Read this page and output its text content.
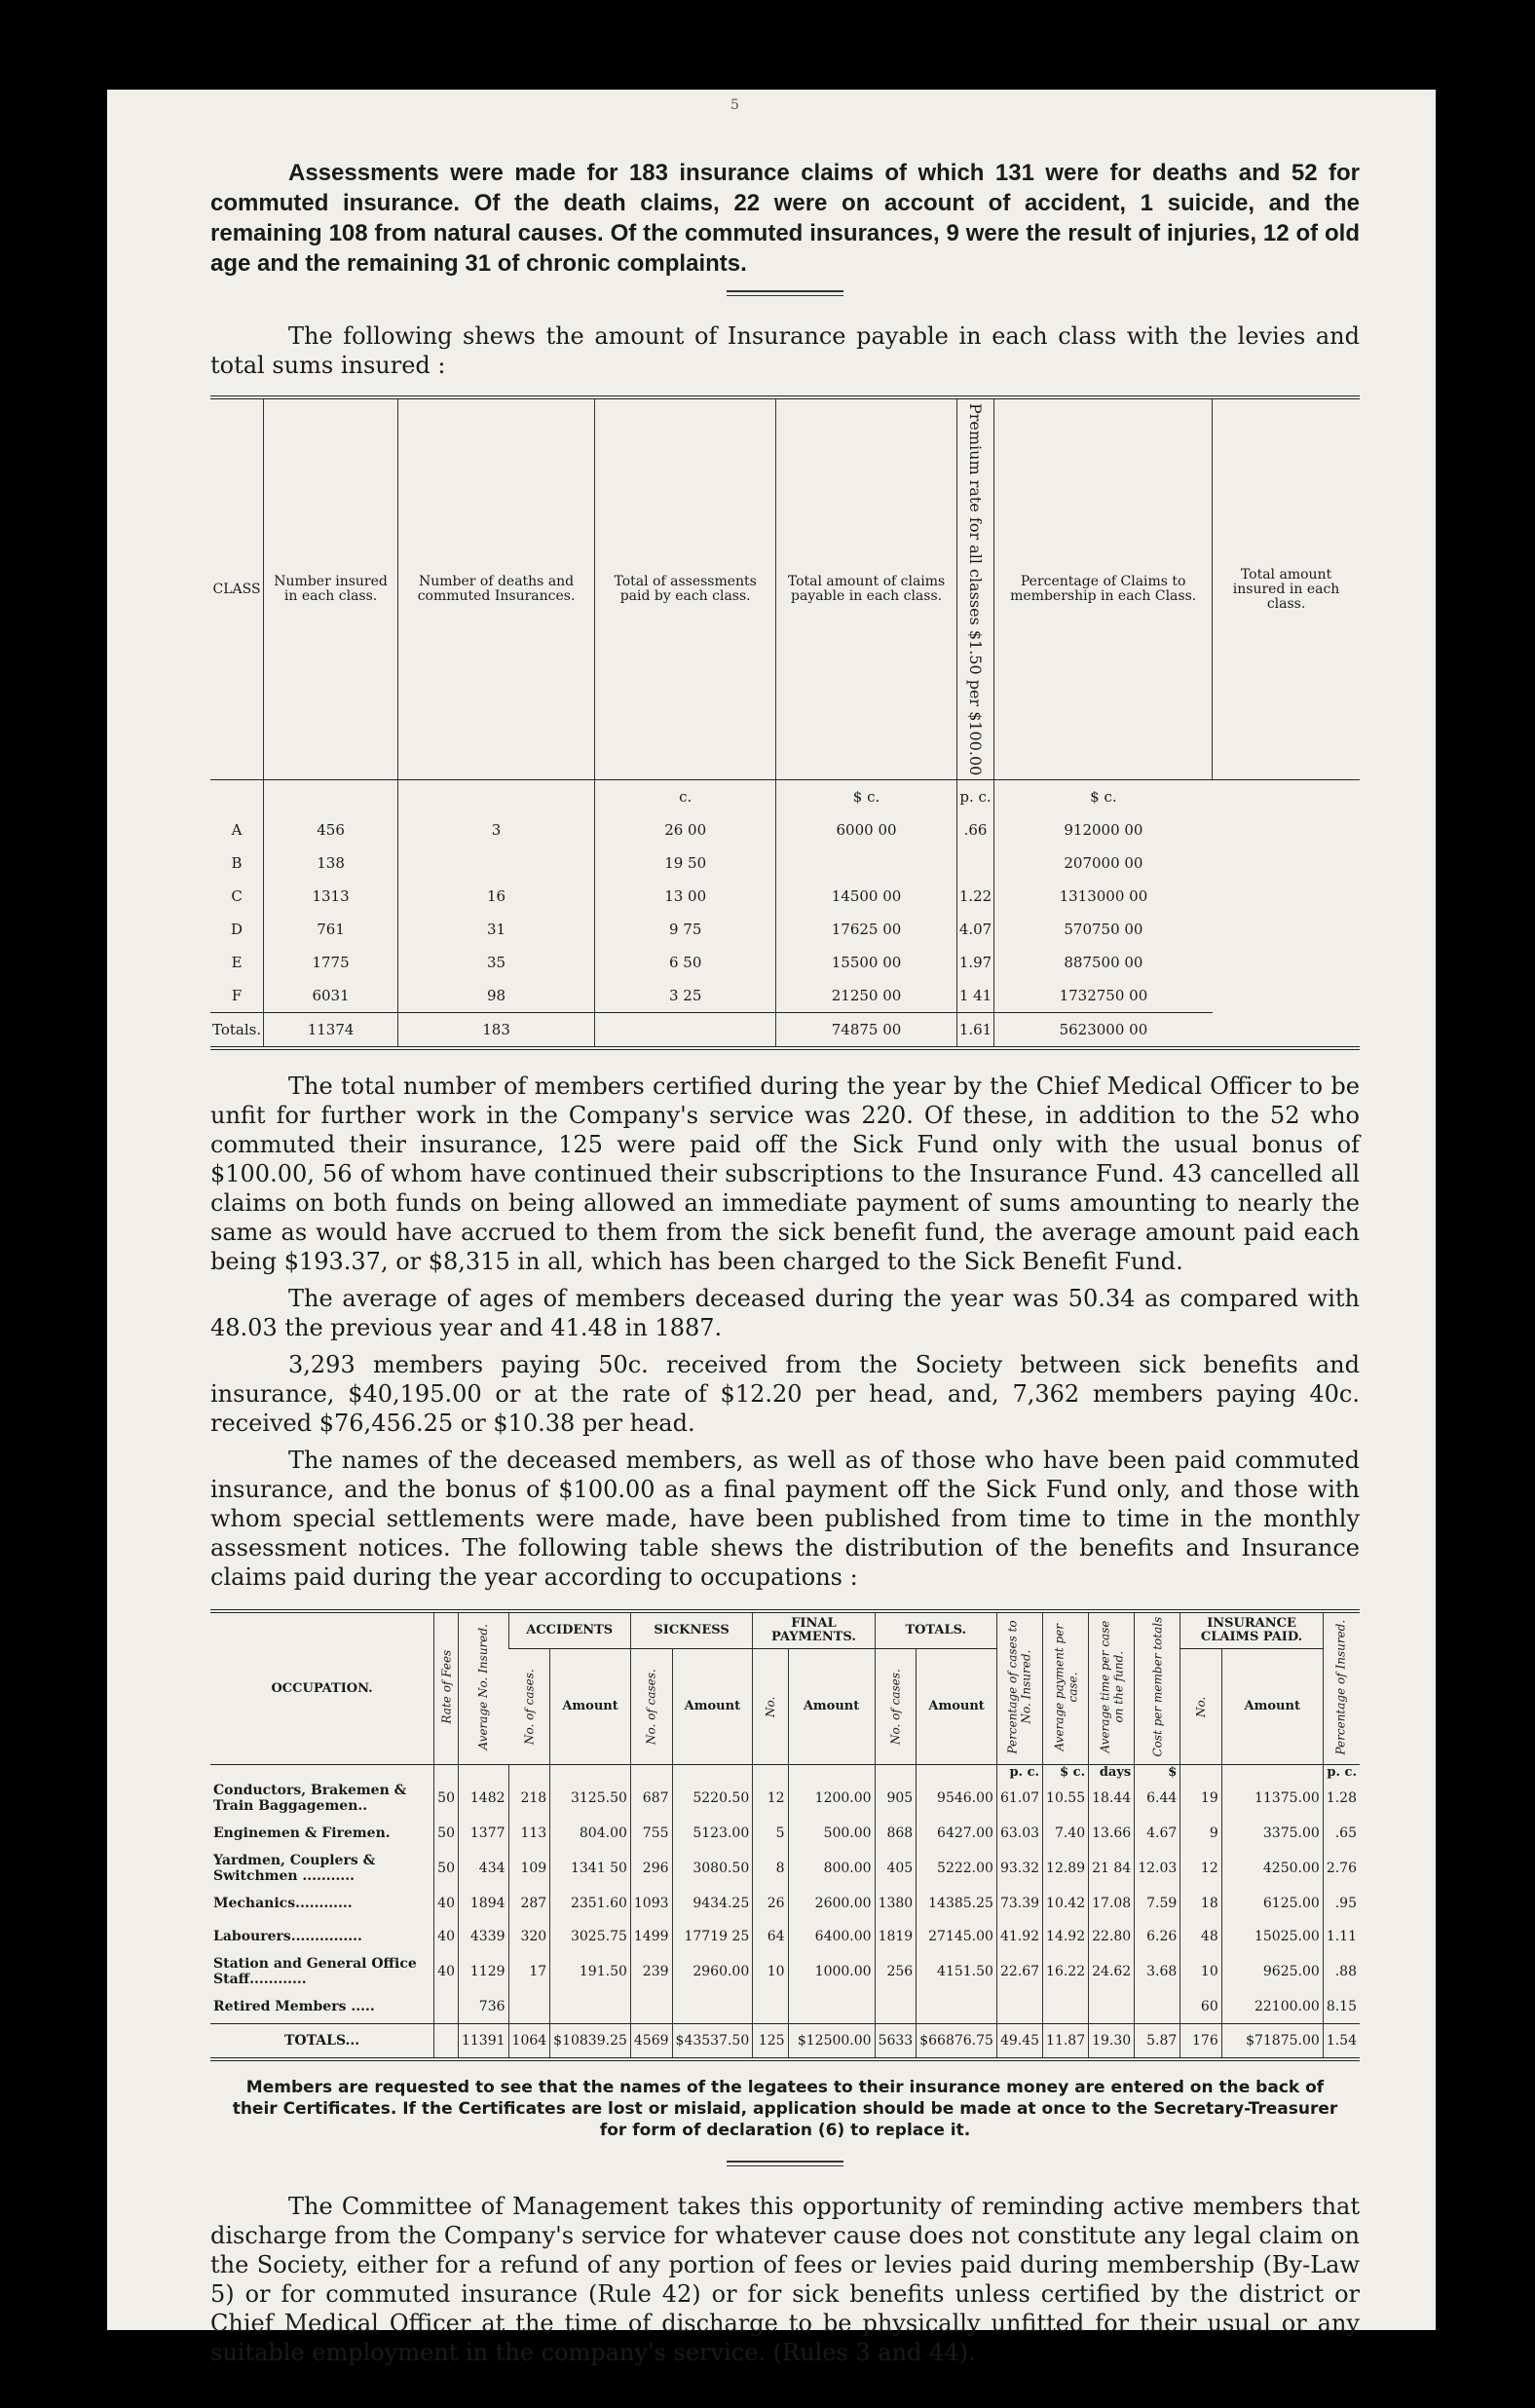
5

Assessments were made for 183 insurance claims of which 131 were for deaths and 52 for commuted insurance. Of the death claims, 22 were on account of accident, 1 suicide, and the remaining 108 from natural causes. Of the commuted insurances, 9 were the result of injuries, 12 of old age and the remaining 31 of chronic complaints.

The following shews the amount of Insurance payable in each class with the levies and total sums insured :

CLASS	Number insured in each class.	Number of deaths and commuted Insurances.	Total of assessments paid by each class.	Total amount of claims payable in each class.	Premium rate for all classes $1.50 per $100.00	Percentage of Claims to membership in each Class.	Total amount insured in each class.
			c.	$ c.	p. c.	$ c.	
A	456	3	26 00	6000 00	.66	912000 00	
B	138		19 50			207000 00	
C	1313	16	13 00	14500 00	1.22	1313000 00	
D	761	31	9 75	17625 00	4.07	570750 00	
E	1775	35	6 50	15500 00	1.97	887500 00	
F	6031	98	3 25	21250 00	1 41	1732750 00	
Totals.	11374	183		74875 00	1.61	5623000 00	

The total number of members certified during the year by the Chief Medical Officer to be unfit for further work in the Company's service was 220. Of these, in addition to the 52 who commuted their insurance, 125 were paid off the Sick Fund only with the usual bonus of $100.00, 56 of whom have continued their subscriptions to the Insurance Fund. 43 cancelled all claims on both funds on being allowed an immediate payment of sums amounting to nearly the same as would have accrued to them from the sick benefit fund, the average amount paid each being $193.37, or $8,315 in all, which has been charged to the Sick Benefit Fund.

The average of ages of members deceased during the year was 50.34 as compared with 48.03 the previous year and 41.48 in 1887.

3,293 members paying 50c. received from the Society between sick benefits and insurance, $40,195.00 or at the rate of $12.20 per head, and, 7,362 members paying 40c. received $76,456.25 or $10.38 per head.

The names of the deceased members, as well as of those who have been paid commuted insurance, and the bonus of $100.00 as a final payment off the Sick Fund only, and those with whom special settlements were made, have been published from time to time in the monthly assessment notices. The following table shews the distribution of the benefits and Insurance claims paid during the year according to occupations :

OCCUPATION.	Rate of Fees	Average No. Insured.	ACCIDENTS		SICKNESS		FINAL PAYMENTS.		TOTALS.		Percentage of cases to No. Insured.	Average payment per case.	Average time per case on the fund.	Cost per member totals	INSURANCE CLAIMS PAID.		Percentage of Insured.
			No. of cases.	Amount	No. of cases.	Amount	No.	Amount	No. of cases.	Amount					No.	Amount	
											p. c.	$ c.	days	$			p. c.
Conductors, Brakemen & Train Baggagemen..	50	1482	218	3125.50	687	5220.50	12	1200.00	905	9546.00	61.07	10.55	18.44	6.44	19	11375.00	1.28
Enginemen & Firemen.	50	1377	113	804.00	755	5123.00	5	500.00	868	6427.00	63.03	7.40	13.66	4.67	9	3375.00	.65
Yardmen, Couplers & Switchmen ...........	50	434	109	1341 50	296	3080.50	8	800.00	405	5222.00	93.32	12.89	21 84	12.03	12	4250.00	2.76
Mechanics............	40	1894	287	2351.60	1093	9434.25	26	2600.00	1380	14385.25	73.39	10.42	17.08	7.59	18	6125.00	.95
Labourers...............	40	4339	320	3025.75	1499	17719 25	64	6400.00	1819	27145.00	41.92	14.92	22.80	6.26	48	15025.00	1.11
Station and General Office Staff............	40	1129	17	191.50	239	2960.00	10	1000.00	256	4151.50	22.67	16.22	24.62	3.68	10	9625.00	.88
Retired Members .....		736													60	22100.00	8.15
TOTALS...		11391	1064	$10839.25	4569	$43537.50	125	$12500.00	5633	$66876.75	49.45	11.87	19.30	5.87	176	$71875.00	1.54
Members are requested to see that the names of the legatees to their insurance money are entered on the back of their Certificates. If the Certificates are lost or mislaid, application should be made at once to the Secretary-Treasurer for form of declaration (6) to replace it.

The Committee of Management takes this opportunity of reminding active members that discharge from the Company's service for whatever cause does not constitute any legal claim on the Society, either for a refund of any portion of fees or levies paid during membership (By-Law 5) or for commuted insurance (Rule 42) or for sick benefits unless certified by the district or Chief Medical Officer at the time of discharge to be physically unfitted for their usual or any suitable employment in the company's service. (Rules 3 and 44).
